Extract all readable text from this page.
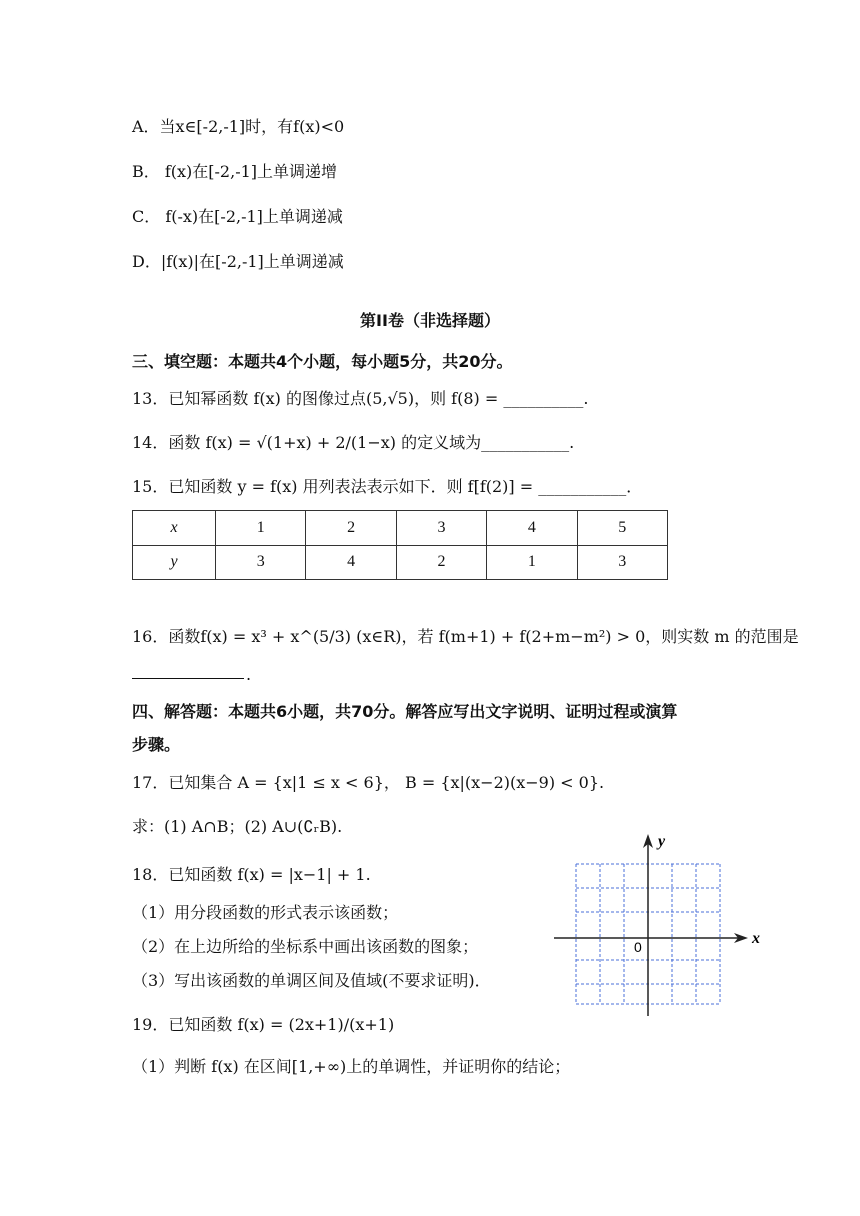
A．当x∈[-2,-1]时，有f(x)<0
B． f(x)在[-2,-1]上单调递增
C． f(-x)在[-2,-1]上单调递减
D．|f(x)|在[-2,-1]上单调递减
第II卷（非选择题）
三、填空题：本题共4个小题，每小题5分，共20分。
13．已知幂函数 f(x) 的图像过点(5,√5)，则 f(8) = __________.
14．函数 f(x) = √(1+x) + 2/(1−x) 的定义域为___________.
15．已知函数 y = f(x) 用列表法表示如下．则 f[f(2)] = ___________．
x	1	2	3	4	5
y	3	4	2	1	3
16．函数f(x) = x³ + x^(5/3) (x∈R)，若 f(m+1) + f(2+m−m²) > 0，则实数 m 的范围是
.
四、解答题：本题共6小题，共70分。解答应写出文字说明、证明过程或演算
步骤。
17．已知集合 A = {x|1 ≤ x < 6}， B = {x|(x−2)(x−9) < 0}.
求：(1) A∩B；(2) A∪(∁ᵣB).
18．已知函数 f(x) = |x−1| + 1.
（1）用分段函数的形式表示该函数；
（2）在上边所给的坐标系中画出该函数的图象；
（3）写出该函数的单调区间及值域(不要求证明)．
19．已知函数 f(x) = (2x+1)/(x+1)
（1）判断 f(x) 在区间[1,+∞)上的单调性，并证明你的结论；
x
y
0
